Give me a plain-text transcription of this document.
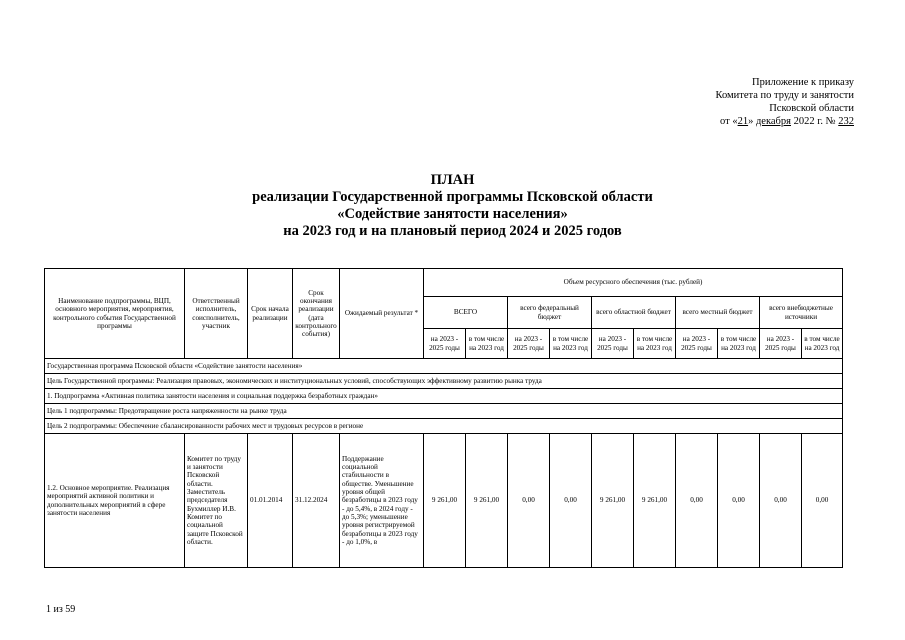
Приложение к приказу
Комитета по труду и занятости
Псковской области
от «21» декабря 2022 г. № 232
ПЛАН
реализации Государственной программы Псковской области
«Содействие занятости населения»
на 2023 год и на плановый период 2024 и 2025 годов
Наименование подпрограммы, ВЦП, основного мероприятия, мероприятия, контрольного события Государственной программы	Ответственный исполнитель, соисполнитель, участник	Срок начала реализации	Срок окончания реализации (дата контрольного события)	Ожидаемый результат *	Объем ресурсного обеспечения (тыс. рублей)									
					ВСЕГО		всего федеральный бюджет		всего областной бюджет		всего местный бюджет		всего внебюджетные источники	
					на 2023 - 2025 годы	в том числе на 2023 год	на 2023 - 2025 годы	в том числе на 2023 год	на 2023 - 2025 годы	в том числе на 2023 год	на 2023 - 2025 годы	в том числе на 2023 год	на 2023 - 2025 годы	в том числе на 2023 год
Государственная программа Псковской области «Содействие занятости населения»														
Цель Государственной программы: Реализация правовых, экономических и институциональных условий, способствующих эффективному развитию рынка труда														
1. Подпрограмма «Активная политика занятости населения и социальная поддержка безработных граждан»														
Цель 1 подпрограммы: Предотвращение роста напряженности на рынке труда														
Цель 2 подпрограммы: Обеспечение сбалансированности рабочих мест и трудовых ресурсов в регионе														
1.2. Основное мероприятие. Реализация мероприятий активной политики и дополнительных мероприятий в сфере занятости населения	Комитет по труду и занятости Псковской области. Заместитель председателя Бухмиллер И.В. Комитет по социальной защите Псковской области.	01.01.2014	31.12.2024	Поддержание социальной стабильности в обществе. Уменьшение уровня общей безработицы в 2023 году - до 5,4%, в 2024 году - до 5,3%; уменьшение уровня регистрируемой безработицы в 2023 году - до 1,0%, в	9 261,00	9 261,00	0,00	0,00	9 261,00	9 261,00	0,00	0,00	0,00	0,00
1 из 59
